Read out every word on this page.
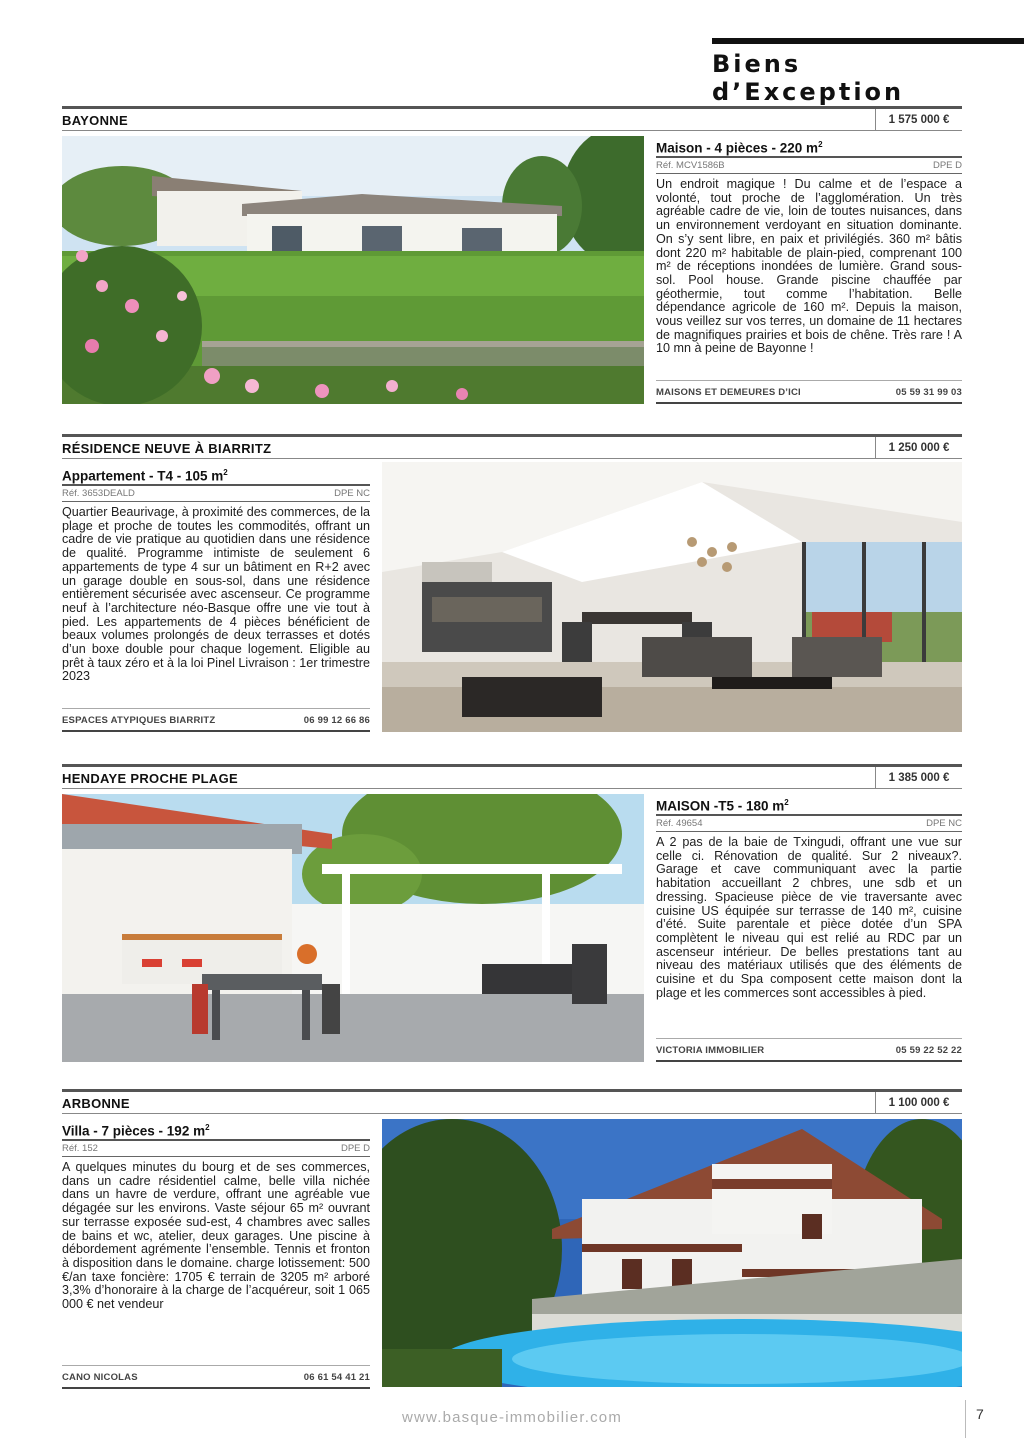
Biens d’Exception
BAYONNE	1 575 000 €
Maison - 4 pièces - 220 $m^2$
Réf. MCV1586B	DPE D
Un endroit magique ! Du calme et de l’espace a volonté, tout proche de l’agglomération. Un très agréable cadre de vie, loin de toutes nuisances, dans un environnement verdoyant en situation dominante. On s’y sent libre, en paix et privilégiés. 360 m² bâtis dont 220 m² habitable de plain-pied, comprenant 100 m² de réceptions inondées de lumière. Grand sous-sol. Pool house. Grande piscine chauffée par géothermie, tout comme l’habitation. Belle dépendance agricole de 160 m². Depuis la maison, vous veillez sur vos terres, un domaine de 11 hectares de magnifiques prairies et bois de chêne. Très rare ! A 10 mn à peine de Bayonne !
MAISONS ET DEMEURES D’ICI	05 59 31 99 03
RÉSIDENCE NEUVE À BIARRITZ	1 250 000 €
Appartement - T4 - 105 $m^2$
Réf. 3653DEALD	DPE NC
Quartier Beaurivage, à proximité des commerces, de la plage et proche de toutes les commodités, offrant un cadre de vie pratique au quotidien dans une résidence de qualité. Programme intimiste de seulement 6 appartements de type 4 sur un bâtiment en R+2 avec un garage double en sous-sol, dans une résidence entièrement sécurisée avec ascenseur. Ce programme neuf à l’architecture néo-Basque offre une vie tout à pied. Les appartements de 4 pièces bénéficient de beaux volumes prolongés de deux terrasses et dotés d’un boxe double pour chaque logement. Eligible au prêt à taux zéro et à la loi Pinel Livraison : 1er trimestre 2023
ESPACES ATYPIQUES BIARRITZ	06 99 12 66 86
HENDAYE PROCHE PLAGE	1 385 000 €
MAISON -T5 - 180 $m^2$
Réf. 49654	DPE NC
A 2 pas de la baie de Txingudi, offrant une vue sur celle ci. Rénovation de qualité. Sur 2 niveaux?. Garage et cave communiquant avec la partie habitation accueillant 2 chbres, une sdb et un dressing. Spacieuse pièce de vie traversante avec cuisine US équipée sur terrasse de 140 m², cuisine d’été. Suite parentale et pièce dotée d’un SPA complètent le niveau qui est relié au RDC par un ascenseur intérieur. De belles prestations tant au niveau des matériaux utilisés que des éléments de cuisine et du Spa composent cette maison dont la plage et les commerces sont accessibles à pied.
VICTORIA IMMOBILIER	05 59 22 52 22
ARBONNE	1 100 000 €
Villa - 7 pièces - 192 $m^2$
Réf. 152	DPE D
A quelques minutes du bourg et de ses commerces, dans un cadre résidentiel calme, belle villa nichée dans un havre de verdure, offrant une agréable vue dégagée sur les environs. Vaste séjour 65 m² ouvrant sur terrasse exposée sud-est, 4 chambres avec salles de bains et wc, atelier, deux garages. Une piscine à débordement agrémente l’ensemble. Tennis et fronton à disposition dans le domaine. charge lotissement: 500 €/an taxe foncière: 1705 € terrain de 3205 m² arboré 3,3% d’honoraire à la charge de l’acquéreur, soit 1 065 000 € net vendeur
CANO NICOLAS	06 61 54 41 21
www.basque-immobilier.com	7
